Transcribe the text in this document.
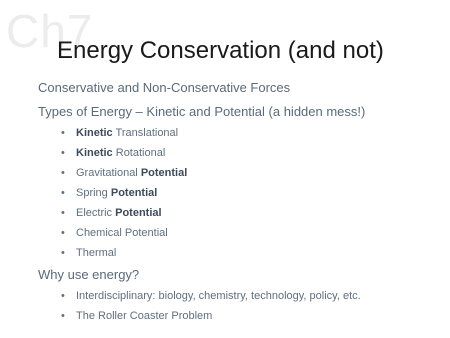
Ch7
Energy Conservation (and not)
Conservative and Non-Conservative Forces
Types of Energy – Kinetic and Potential (a hidden mess!)
• Kinetic Translational
• Kinetic Rotational
• Gravitational Potential
• Spring Potential
• Electric Potential
• Chemical Potential
• Thermal
Why use energy?
• Interdisciplinary: biology, chemistry, technology, policy, etc.
• The Roller Coaster Problem
